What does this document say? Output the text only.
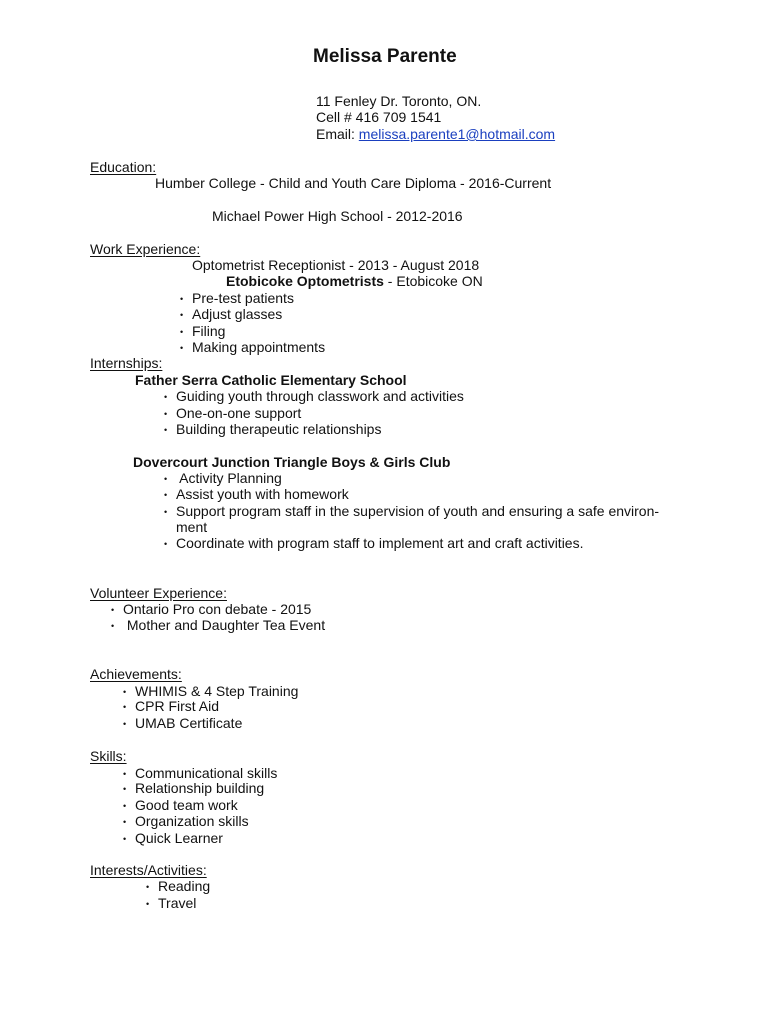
Melissa Parente
11 Fenley Dr. Toronto, ON.
Cell # 416 709 1541
Email: melissa.parente1@hotmail.com
Education:
Humber College - Child and Youth Care Diploma - 2016-Current
Michael Power High School - 2012-2016
Work Experience:
Optometrist Receptionist - 2013 - August 2018
Etobicoke Optometrists - Etobicoke ON
• Pre-test patients
• Adjust glasses
• Filing
• Making appointments
Internships:
Father Serra Catholic Elementary School
• Guiding youth through classwork and activities
• One-on-one support
• Building therapeutic relationships
Dovercourt Junction Triangle Boys & Girls Club
• Activity Planning
• Assist youth with homework
• Support program staff in the supervision of youth and ensuring a safe environ-
ment
• Coordinate with program staff to implement art and craft activities.
Volunteer Experience:
• Ontario Pro con debate - 2015
• Mother and Daughter Tea Event
Achievements:
• WHIMIS & 4 Step Training
• CPR First Aid
• UMAB Certificate
Skills:
• Communicational skills
• Relationship building
• Good team work
• Organization skills
• Quick Learner
Interests/Activities:
• Reading
• Travel
